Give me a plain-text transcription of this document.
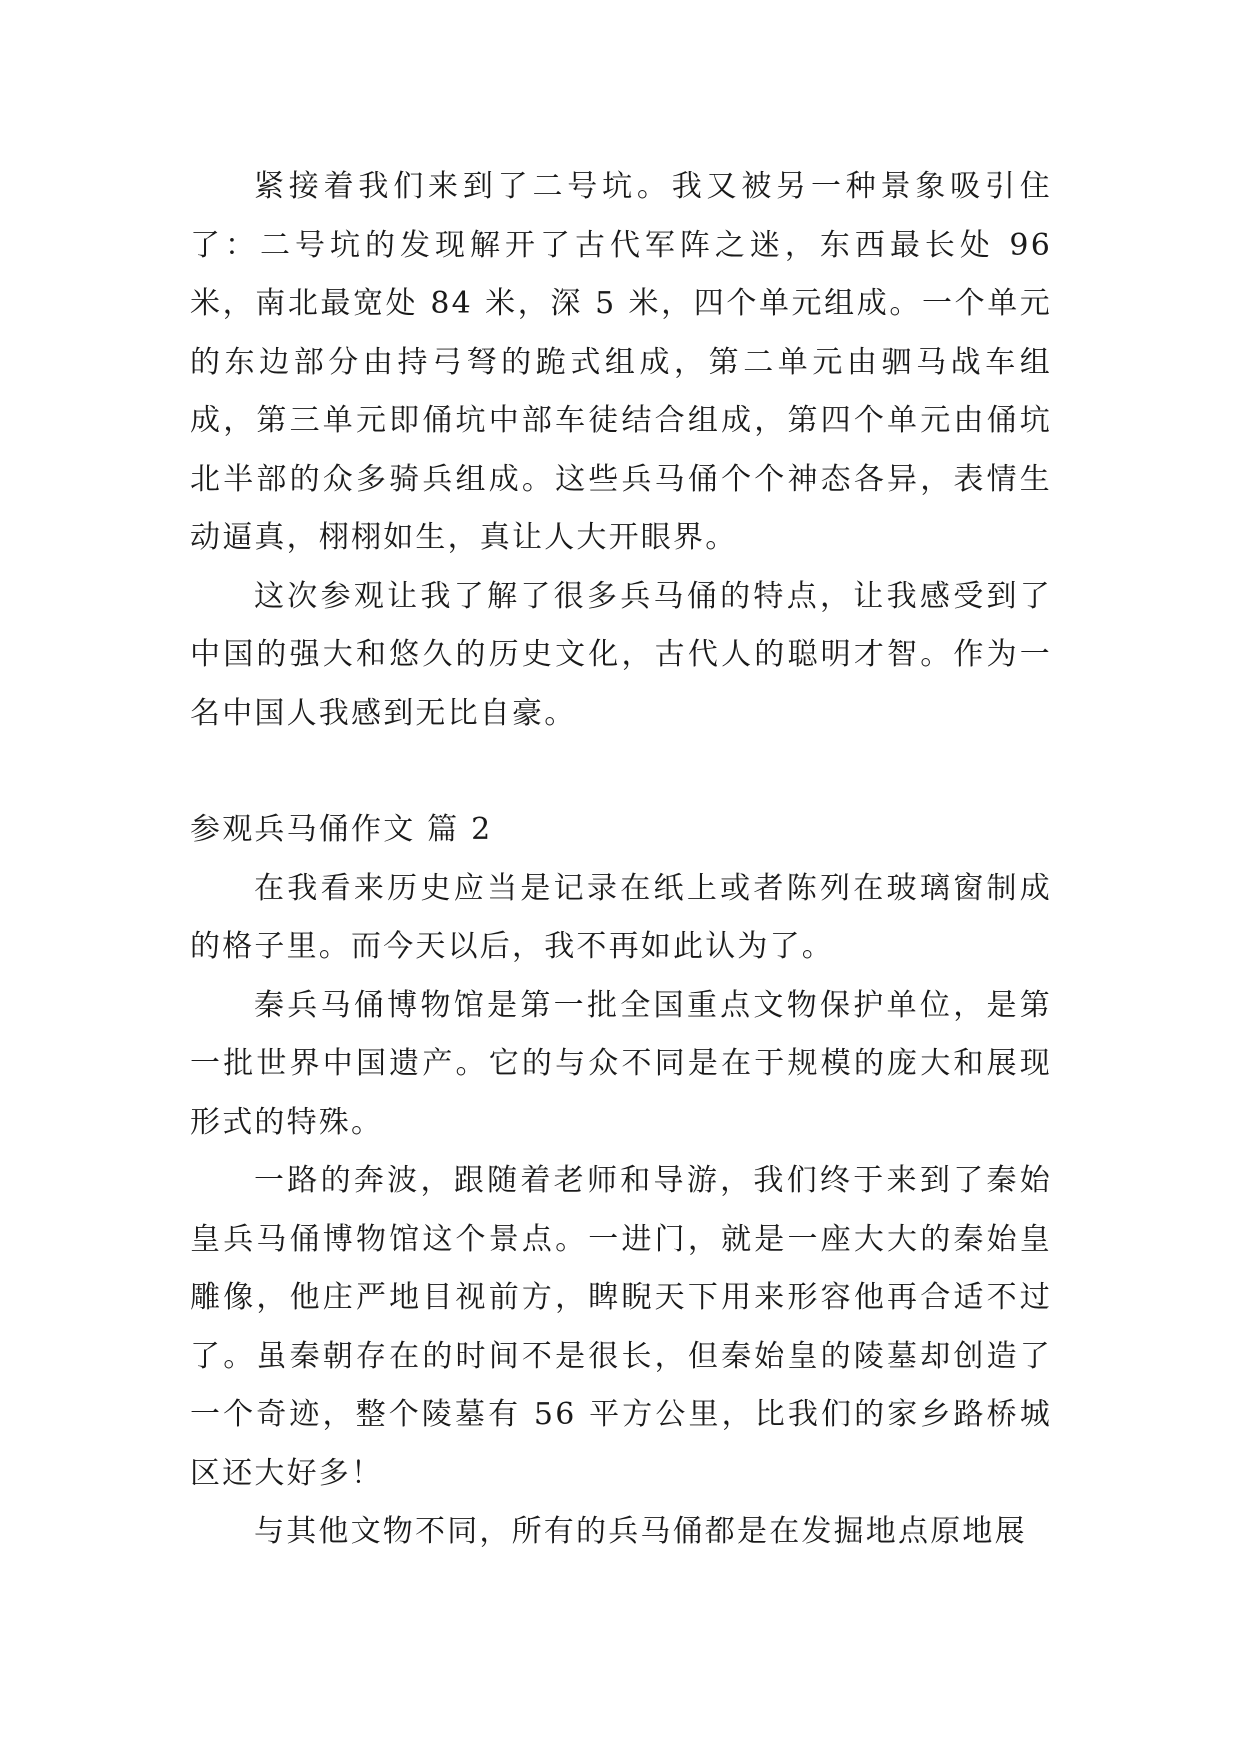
紧接着我们来到了二号坑。我又被另一种景象吸引住了：二号坑的发现解开了古代军阵之迷，东西最长处 96 米，南北最宽处 84 米，深 5 米，四个单元组成。一个单元的东边部分由持弓弩的跪式组成，第二单元由驷马战车组成，第三单元即俑坑中部车徒结合组成，第四个单元由俑坑北半部的众多骑兵组成。这些兵马俑个个神态各异，表情生动逼真，栩栩如生，真让人大开眼界。

这次参观让我了解了很多兵马俑的特点，让我感受到了中国的强大和悠久的历史文化，古代人的聪明才智。作为一名中国人我感到无比自豪。

参观兵马俑作文 篇 2

在我看来历史应当是记录在纸上或者陈列在玻璃窗制成的格子里。而今天以后，我不再如此认为了。

秦兵马俑博物馆是第一批全国重点文物保护单位，是第一批世界中国遗产。它的与众不同是在于规模的庞大和展现形式的特殊。

一路的奔波，跟随着老师和导游，我们终于来到了秦始皇兵马俑博物馆这个景点。一进门，就是一座大大的秦始皇雕像，他庄严地目视前方，睥睨天下用来形容他再合适不过了。虽秦朝存在的时间不是很长，但秦始皇的陵墓却创造了一个奇迹，整个陵墓有 56 平方公里，比我们的家乡路桥城区还大好多！

与其他文物不同，所有的兵马俑都是在发掘地点原地展
